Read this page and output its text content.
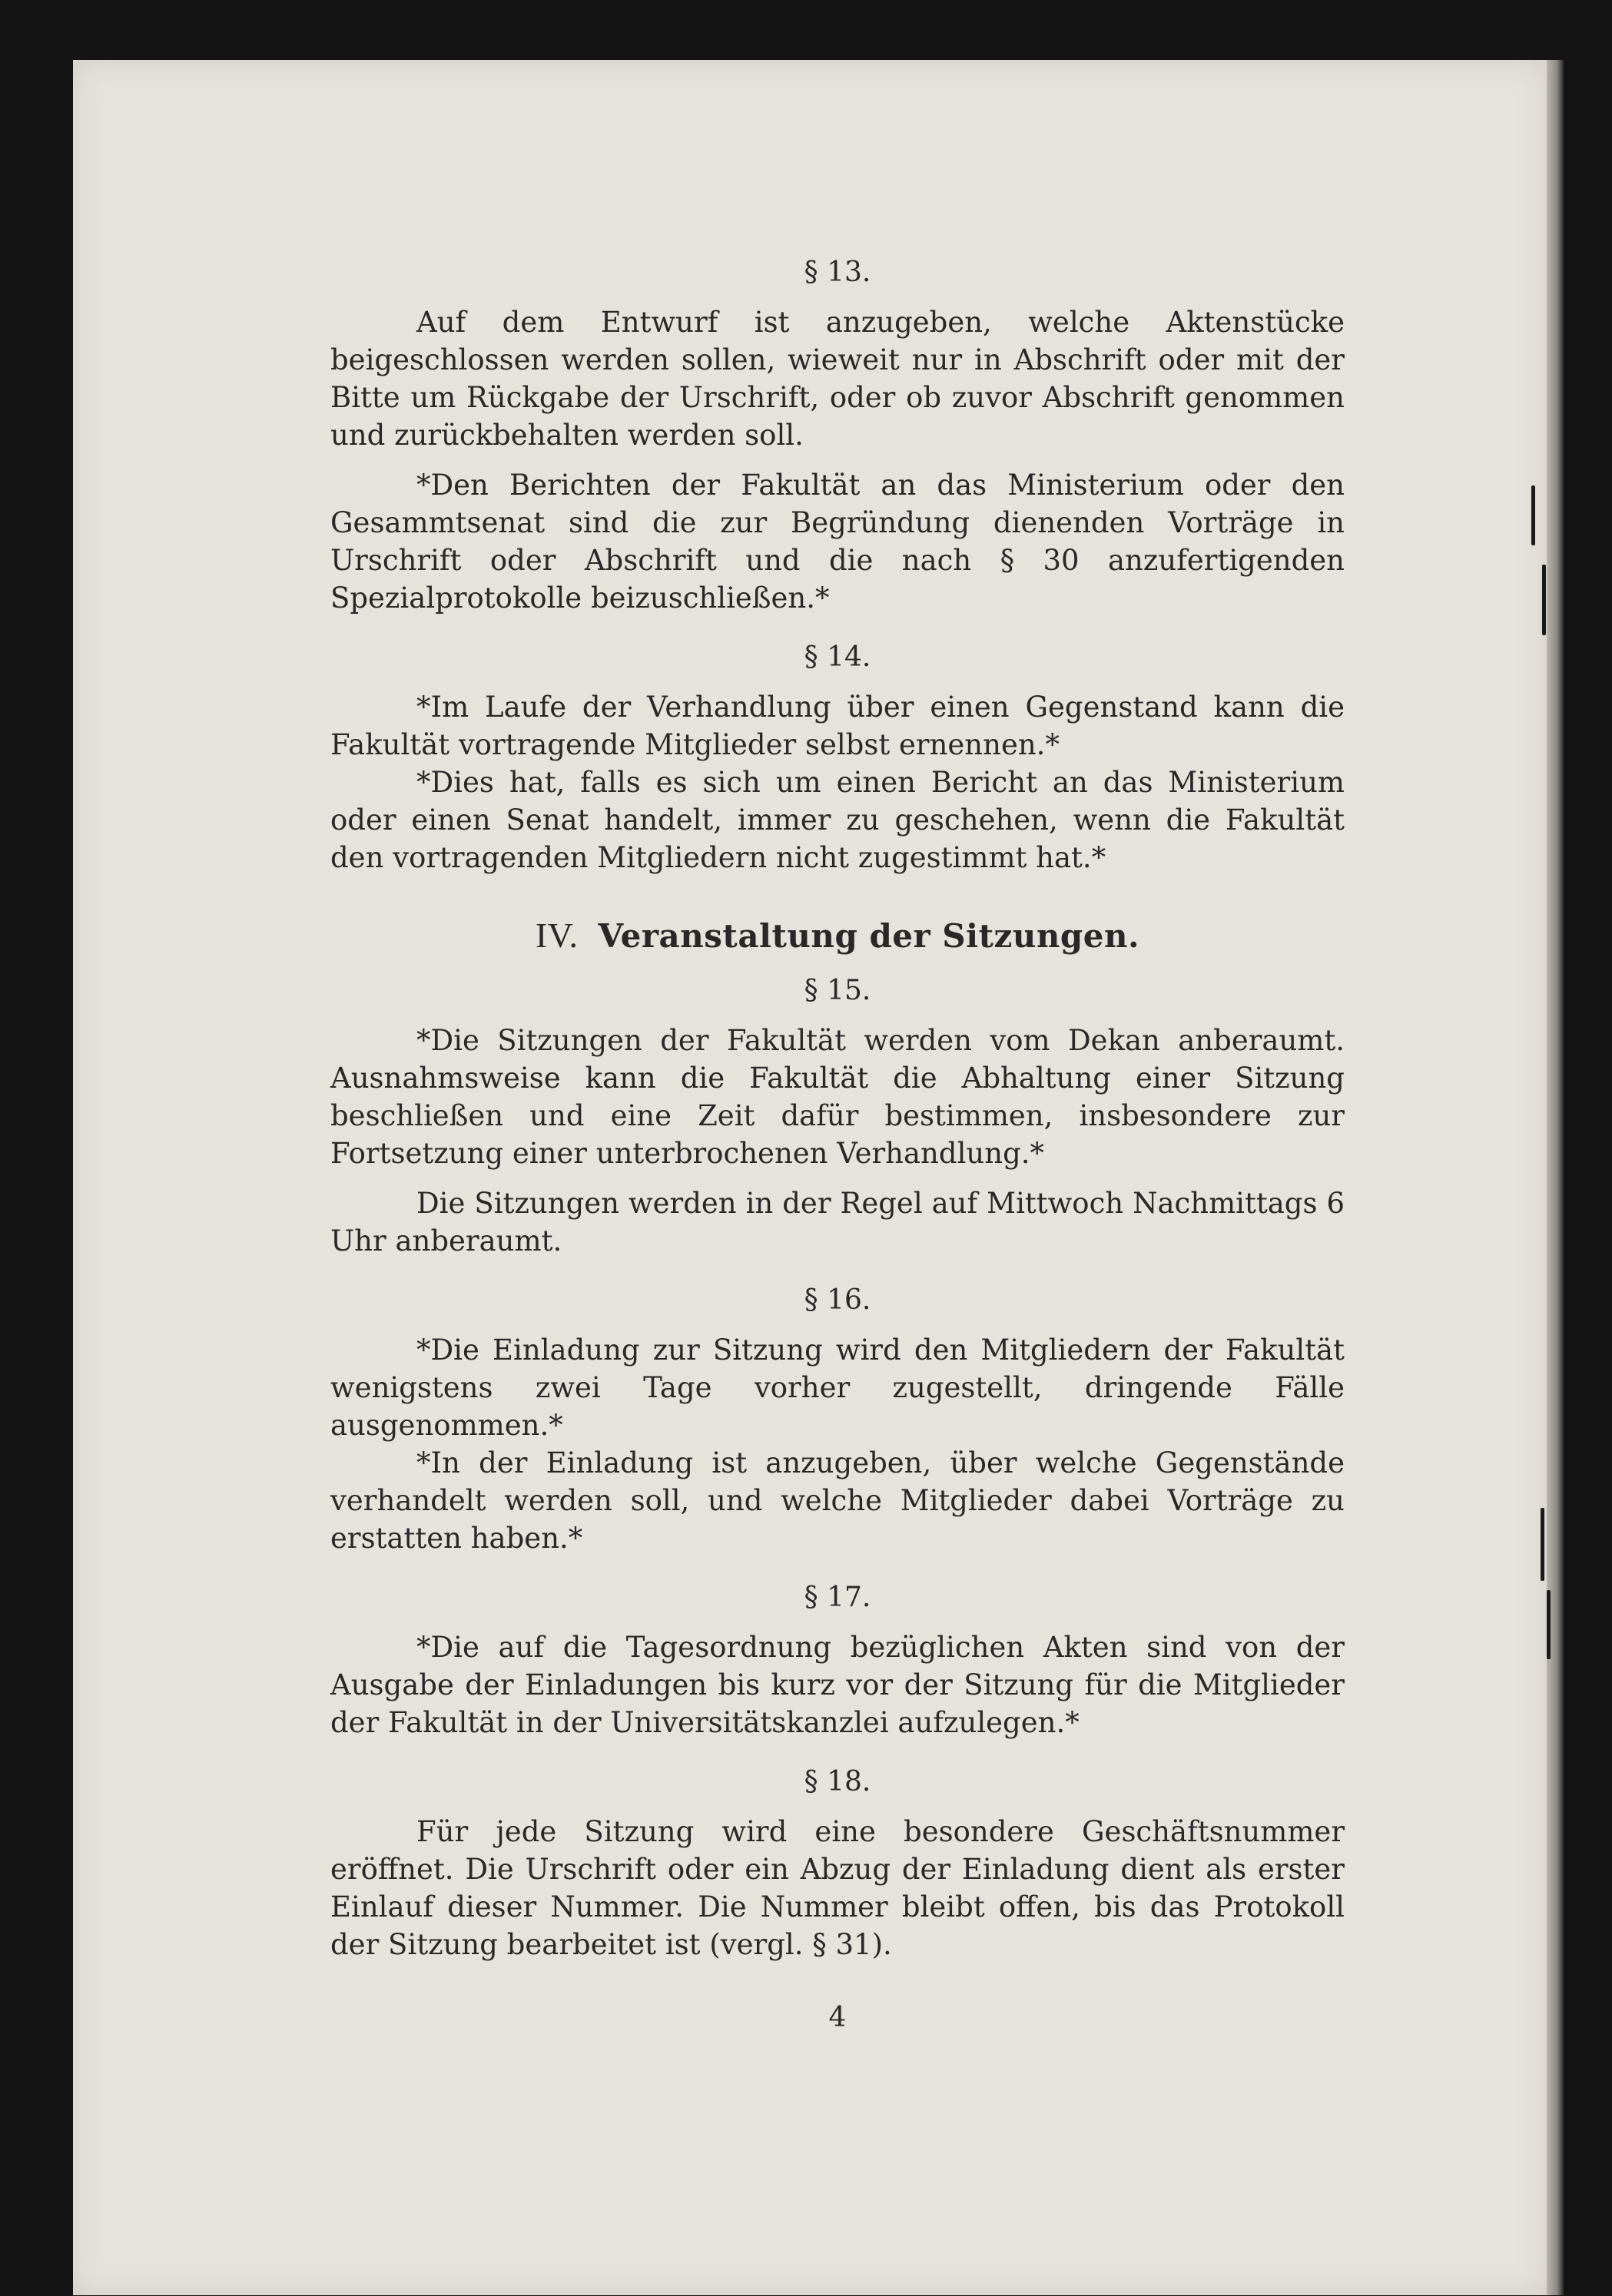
§ 13.

Auf dem Entwurf ist anzugeben, welche Aktenstücke beigeschlossen werden sollen, wieweit nur in Abschrift oder mit der Bitte um Rückgabe der Urschrift, oder ob zuvor Abschrift genommen und zurückbehalten werden soll.

*Den Berichten der Fakultät an das Ministerium oder den Gesammtsenat sind die zur Begründung dienenden Vorträge in Urschrift oder Abschrift und die nach § 30 anzufertigenden Spezialprotokolle beizuschließen.*

§ 14.

*Im Laufe der Verhandlung über einen Gegenstand kann die Fakultät vortragende Mitglieder selbst ernennen.*

*Dies hat, falls es sich um einen Bericht an das Ministerium oder einen Senat handelt, immer zu geschehen, wenn die Fakultät den vortragenden Mitgliedern nicht zugestimmt hat.*

IV. Veranstaltung der Sitzungen.

§ 15.

*Die Sitzungen der Fakultät werden vom Dekan anberaumt. Ausnahmsweise kann die Fakultät die Abhaltung einer Sitzung beschließen und eine Zeit dafür bestimmen, insbesondere zur Fortsetzung einer unterbrochenen Verhandlung.*

Die Sitzungen werden in der Regel auf Mittwoch Nachmittags 6 Uhr anberaumt.

§ 16.

*Die Einladung zur Sitzung wird den Mitgliedern der Fakultät wenigstens zwei Tage vorher zugestellt, dringende Fälle ausgenommen.*

*In der Einladung ist anzugeben, über welche Gegenstände verhandelt werden soll, und welche Mitglieder dabei Vorträge zu erstatten haben.*

§ 17.

*Die auf die Tagesordnung bezüglichen Akten sind von der Ausgabe der Einladungen bis kurz vor der Sitzung für die Mitglieder der Fakultät in der Universitätskanzlei aufzulegen.*

§ 18.

Für jede Sitzung wird eine besondere Geschäftsnummer eröffnet. Die Urschrift oder ein Abzug der Einladung dient als erster Einlauf dieser Nummer. Die Nummer bleibt offen, bis das Protokoll der Sitzung bearbeitet ist (vergl. § 31).

4
